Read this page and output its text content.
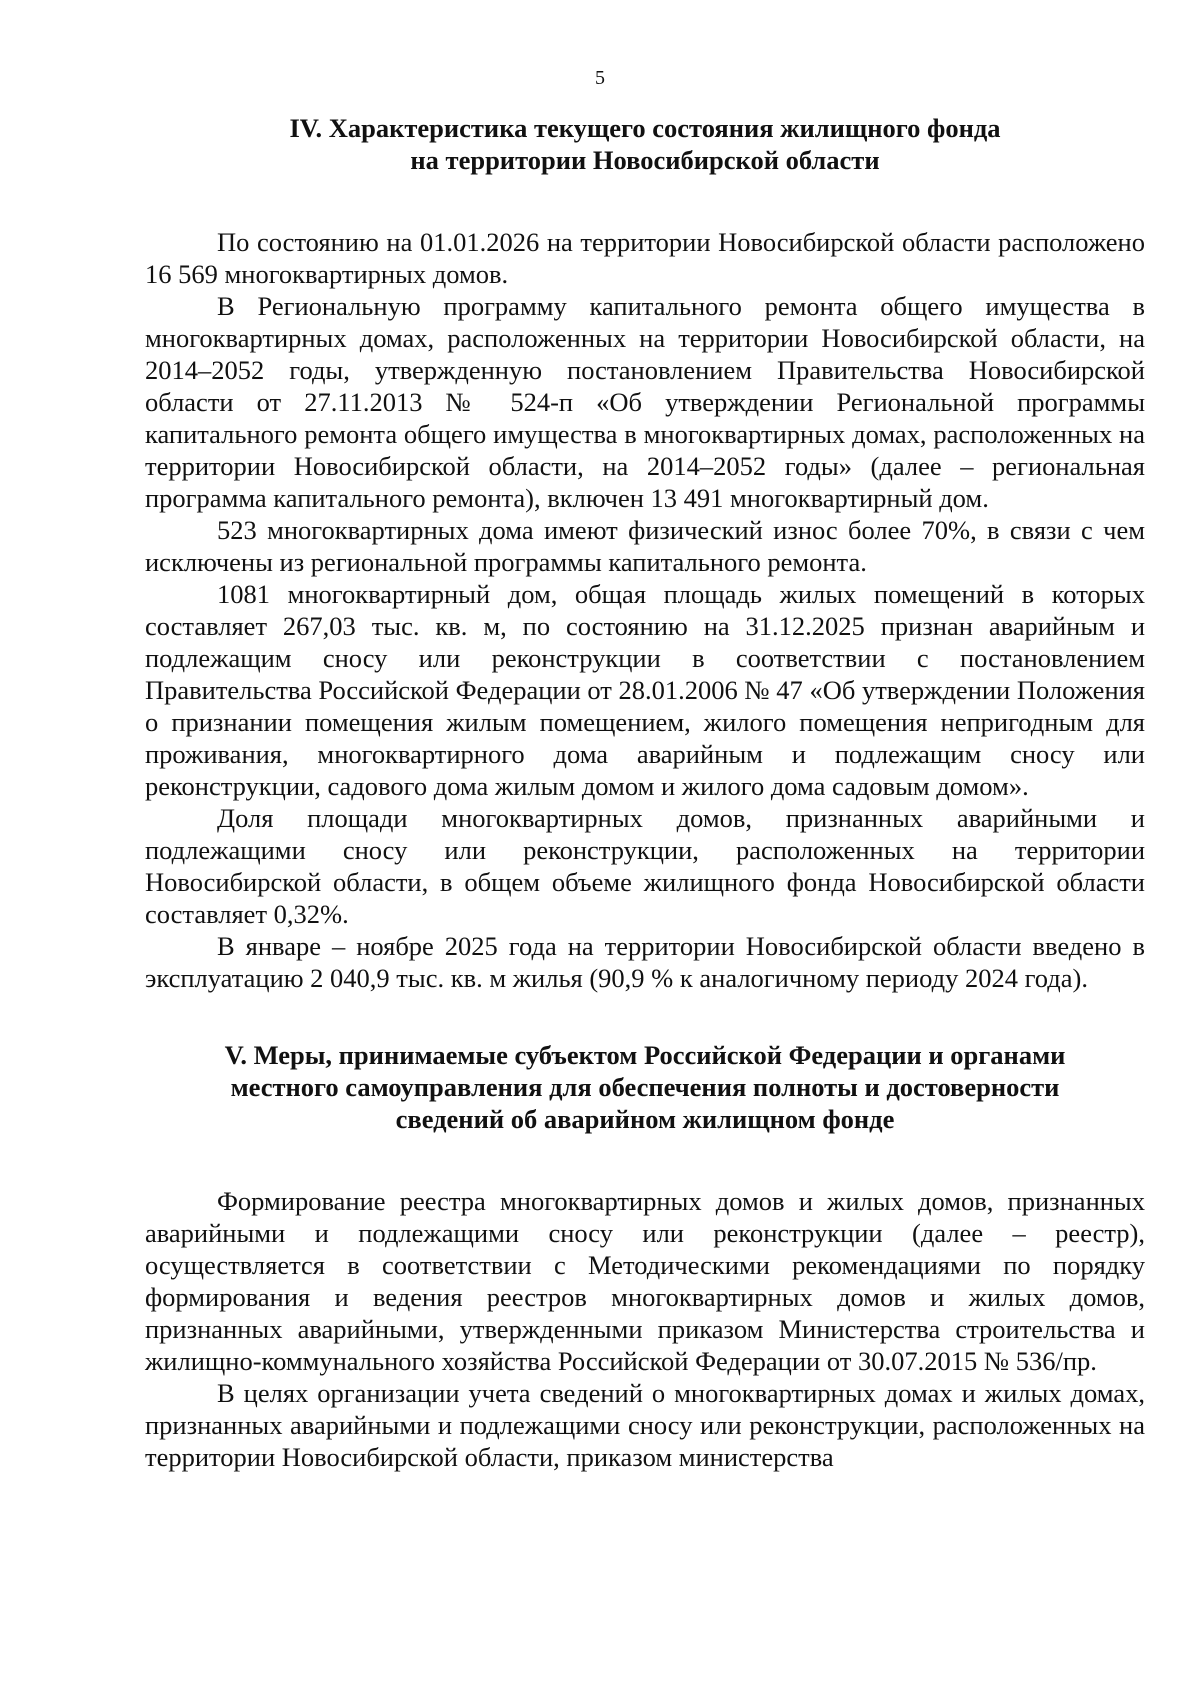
5
IV. Характеристика текущего состояния жилищного фонда
на территории Новосибирской области

По состоянию на 01.01.2026 на территории Новосибирской области расположено 16 569 многоквартирных домов.

В Региональную программу капитального ремонта общего имущества в многоквартирных домах, расположенных на территории Новосибирской области, на 2014–2052 годы, утвержденную постановлением Правительства Новосибирской области от 27.11.2013 № 524-п «Об утверждении Региональной программы капитального ремонта общего имущества в многоквартирных домах, расположенных на территории Новосибирской области, на 2014–2052 годы» (далее – региональная программа капитального ремонта), включен 13 491 многоквартирный дом.

523 многоквартирных дома имеют физический износ более 70%, в связи с чем исключены из региональной программы капитального ремонта.

1081 многоквартирный дом, общая площадь жилых помещений в которых составляет 267,03 тыс. кв. м, по состоянию на 31.12.2025 признан аварийным и подлежащим сносу или реконструкции в соответствии с постановлением Правительства Российской Федерации от 28.01.2006 № 47 «Об утверждении Положения о признании помещения жилым помещением, жилого помещения непригодным для проживания, многоквартирного дома аварийным и подлежащим сносу или реконструкции, садового дома жилым домом и жилого дома садовым домом».

Доля площади многоквартирных домов, признанных аварийными и подлежащими сносу или реконструкции, расположенных на территории Новосибирской области, в общем объеме жилищного фонда Новосибирской области составляет 0,32%.

В январе – ноябре 2025 года на территории Новосибирской области введено в эксплуатацию 2 040,9 тыс. кв. м жилья (90,9 % к аналогичному периоду 2024 года).

V. Меры, принимаемые субъектом Российской Федерации и органами
местного самоуправления для обеспечения полноты и достоверности
сведений об аварийном жилищном фонде

Формирование реестра многоквартирных домов и жилых домов, признанных аварийными и подлежащими сносу или реконструкции (далее – реестр), осуществляется в соответствии с Методическими рекомендациями по порядку формирования и ведения реестров многоквартирных домов и жилых домов, признанных аварийными, утвержденными приказом Министерства строительства и жилищно-коммунального хозяйства Российской Федерации от 30.07.2015 № 536/пр.

В целях организации учета сведений о многоквартирных домах и жилых домах, признанных аварийными и подлежащими сносу или реконструкции, расположенных на территории Новосибирской области, приказом министерства
